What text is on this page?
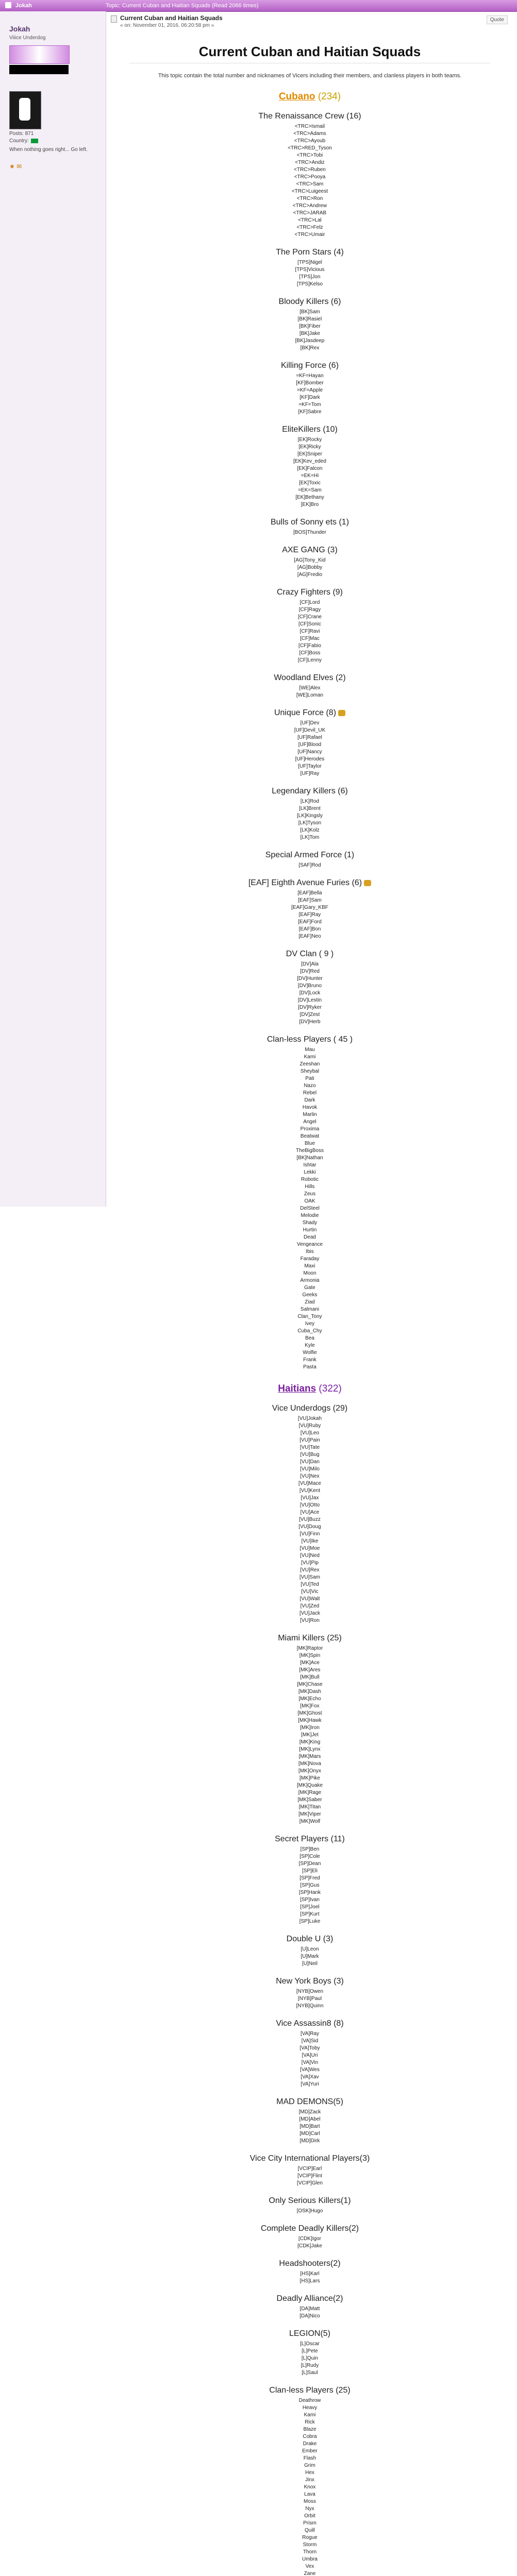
Jokah	Topic: Current Cuban and Haitian Squads (Read 2066 times)
Jokah
Viiice Underdog
Posts: 871
Country:
When nothing goes right... Go left.
★ ✉
Current Cuban and Haitian Squads
« on: November 01, 2016, 06:20:58 pm »
Quote
Current Cuban and Haitian Squads
This topic contain the total number and nicknames of Vicers including their members, and clanless players in both teams.
Cubano (234)
The Renaissance Crew (16)
<TRC>Ismail
<TRC>Adams
<TRC>Ayoub
<TRC>RED_Tyson
<TRC>Tobi
<TRC>Andiz
<TRC>Ruben
<TRC>Pooya
<TRC>Sam
<TRC>Luigeest
<TRC>Ron
<TRC>Andrew
<TRC>JARAB
<TRC>Lal
<TRC>Felz
<TRC>Umair
The Porn Stars (4)
[TPS]Nigel
[TPS]Vicious
[TPS]Jon
[TPS]Kelso
Bloody Killers (6)
[BK]Sam
[BK]Rasiel
[BK]Fiber
[BK]Jake
[BK]Jasdeep
[BK]Rex
Killing Force (6)
=KF=Hayan
[KF]Bomber
=KF=Apple
[KF]Dark
=KF=Tom
[KF]Sabre
EliteKillers (10)
[EK]Rocky
[EK]Ricky
[EK]Sniper
[EK]Kev_eded
[EK]Falcon
=EK=Hi
[EK]Toxic
=EK=Sam
[EK]Bethany
[EK]Bro
Bulls of Sonny ets (1)
[BOS]Thunder
AXE GANG (3)
[AG]Tony_Kid
[AG]Bobby
[AG]Fredio
Crazy Fighters (9)
[CF]Lord
[CF]Ragy
[CF]Crane
[CF]Sonic
[CF]Ravi
[CF]Mac
[CF]Fabio
[CF]Boss
[CF]Lenny
Woodland Elves (2)
[WE]Alex
[WE]Loman
Unique Force (8)
[UF]Dev
[UF]Devil_UK
[UF]Rafael
[UF]Blood
[UF]Nancy
[UF]Herodes
[UF]Taylor
[UF]Ray
Legendary Killers (6)
[LK]Rod
[LK]Brent
[LK]Kingsly
[LK]Tyson
[LK]Kolz
[LK]Tom
Special Armed Force (1)
[SAF]Rod
[EAF] Eighth Avenue Furies (6)
[EAF]Bella
[EAF]Sam
[EAF]Gary_KBF
[EAF]Ray
[EAF]Ford
[EAF]Bon
[EAF]Neo
DV Clan ( 9 )
[DV]Ala
[DV]Red
[DV]Hunter
[DV]Bruno
[DV]Lock
[DV]Lestin
[DV]Ryker
[DV]Zest
[DV]Herb
Clan-less Players ( 45 )
Mau
Kami
Zeeshan
Sheybal
Pati
Nazo
Rebel
Dark
Havok
Marlin
Angel
Proxima
Beatwat
Blue
TheBigBoss
[BK]Nathan
Ishtar
Lekki
Robotic
Hills
Zeus
OAK
DelSteel
Melodie
Shady
Hurtin
Dead
Vengeance
Ibis
Faraday
Maxi
Moon
Armonia
Gate
Geeks
Ziad
Salmani
Clan_Tony
Ivey
Cuba_Chy
Bea
Kyle
Wolfie
Frank
Pasta
Haitians (322)
Vice Underdogs (29)
[VU]Jokah
[VU]Ruby
[VU]Leo
[VU]Pain
[VU]Tate
[VU]Bug
[VU]Dan
[VU]Milo
[VU]Nex
[VU]Mace
[VU]Kent
[VU]Jax
[VU]Otto
[VU]Ace
[VU]Buzz
[VU]Doug
[VU]Finn
[VU]Ike
[VU]Moe
[VU]Ned
[VU]Pip
[VU]Rex
[VU]Sam
[VU]Ted
[VU]Vic
[VU]Walt
[VU]Zed
[VU]Jack
[VU]Ron
Miami Killers (25)
[MK]Raptor
[MK]Spin
[MK]Ace
[MK]Ares
[MK]Bull
[MK]Chase
[MK]Dash
[MK]Echo
[MK]Fox
[MK]Ghost
[MK]Hawk
[MK]Iron
[MK]Jet
[MK]King
[MK]Lynx
[MK]Mars
[MK]Nova
[MK]Onyx
[MK]Pike
[MK]Quake
[MK]Rage
[MK]Saber
[MK]Titan
[MK]Viper
[MK]Wolf
Secret Players (11)
[SP]Ben
[SP]Cole
[SP]Dean
[SP]Eli
[SP]Fred
[SP]Gus
[SP]Hank
[SP]Ivan
[SP]Joel
[SP]Kurt
[SP]Luke
Double U (3)
[U]Leon
[U]Mark
[U]Neil
New York Boys (3)
[NYB]Owen
[NYB]Paul
[NYB]Quinn
Vice Assassin8 (8)
[VA]Ray
[VA]Sid
[VA]Toby
[VA]Uri
[VA]Vin
[VA]Wes
[VA]Xav
[VA]Yuri
MAD DEMONS(5)
[MD]Zack
[MD]Abel
[MD]Bart
[MD]Carl
[MD]Dirk
Vice City International Players(3)
[VCIP]Earl
[VCIP]Flint
[VCIP]Glen
Only Serious Killers(1)
[OSK]Hugo
Complete Deadly Killers(2)
[CDK]Igor
[CDK]Jake
Headshooters(2)
[HS]Karl
[HS]Lars
Deadly Alliance(2)
[DA]Matt
[DA]Nico
LEGION(5)
[L]Oscar
[L]Pete
[L]Quin
[L]Rudy
[L]Saul
Clan-less Players (25)
Deathrow
Heavy
Kami
Rick
Blaze
Cobra
Drake
Ember
Flash
Grim
Hex
Jinx
Knox
Lava
Moss
Nyx
Orbit
Prism
Quill
Rogue
Storm
Thorn
Umbra
Vex
Zane
